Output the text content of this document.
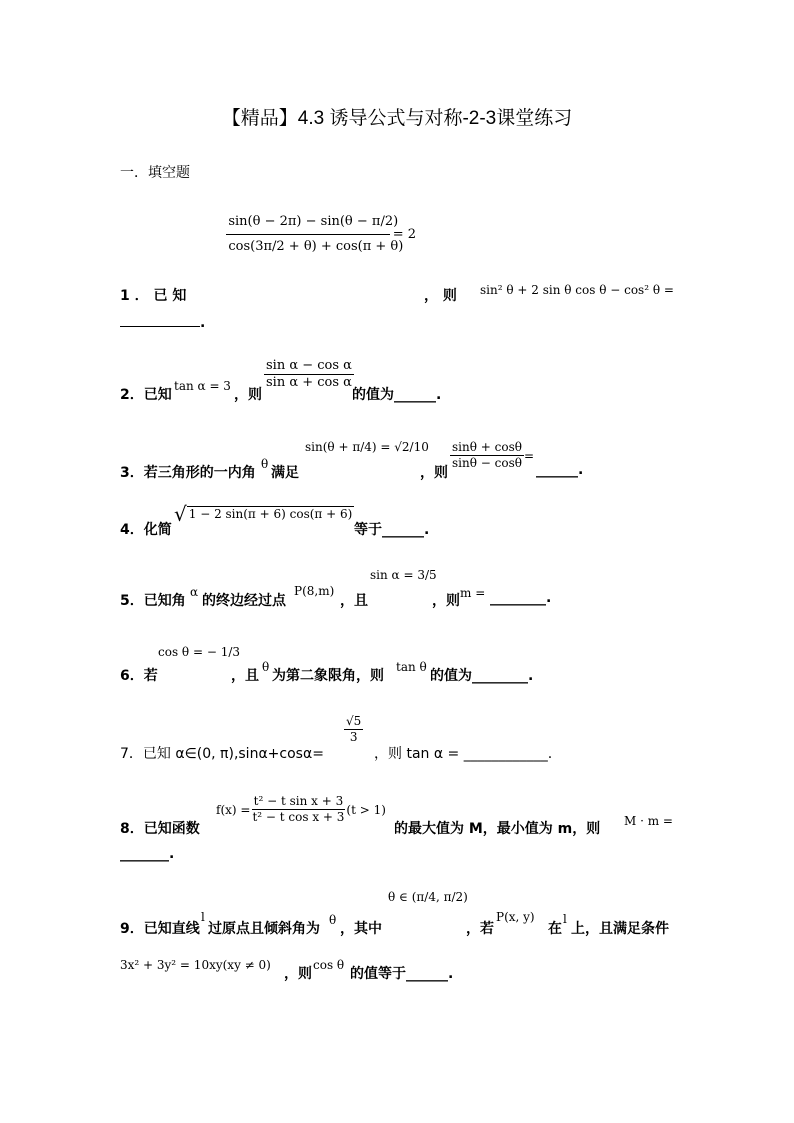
【精品】4.3 诱导公式与对称-2-3课堂练习
一．填空题
$\frac{\sin(\theta - 2\pi) - \sin(\theta - \pi/2)}{\cos(3\pi/2 + \theta) + \cos(\pi + \theta)} = 2$
1 ． 已 知	， 则 sin² θ + 2 sin θ cos θ − cos² θ =
.
2．已知
tan α = 3
，则
$\frac{\text{sin α − cos α}}{\text{sin α + cos α}}$
的值为______.
3．若三角形的一内角
θ
满足
sin(θ + π/4) = √2/10
，则
$\frac{\sin\theta + \cos\theta}{\sin\theta - \cos\theta}$ =
______.
4．化简
√ 1 − 2 sin(π + 6) cos(π + 6)
等于______.
5．已知角
α
的终边经过点
P(8,m)
，且
sin α = 3/5
，则 m = ________.
6．若
cos θ = − 1/3
，且
θ
为第二象限角，则
tan θ
的值为________.
7．已知 α∈(0, π),sinα+cosα=
$\frac{√5}{3}$
，则 tan α = ____________.
8．已知函数
$f(x) = \frac{\text{t² − t sin x + 3}}{\text{t² − t cos x + 3}} (t > 1)$
的最大值为 M，最小值为 m，则 M · m =
_______.
9．已知直线
l
过原点且倾斜角为
θ
，其中
θ ∈ (π/4, π/2)
，若
P(x, y)
在
l
上，且满足条件
3x² + 3y² = 10xy(xy ≠ 0)
，则
cos θ
的值等于______.
